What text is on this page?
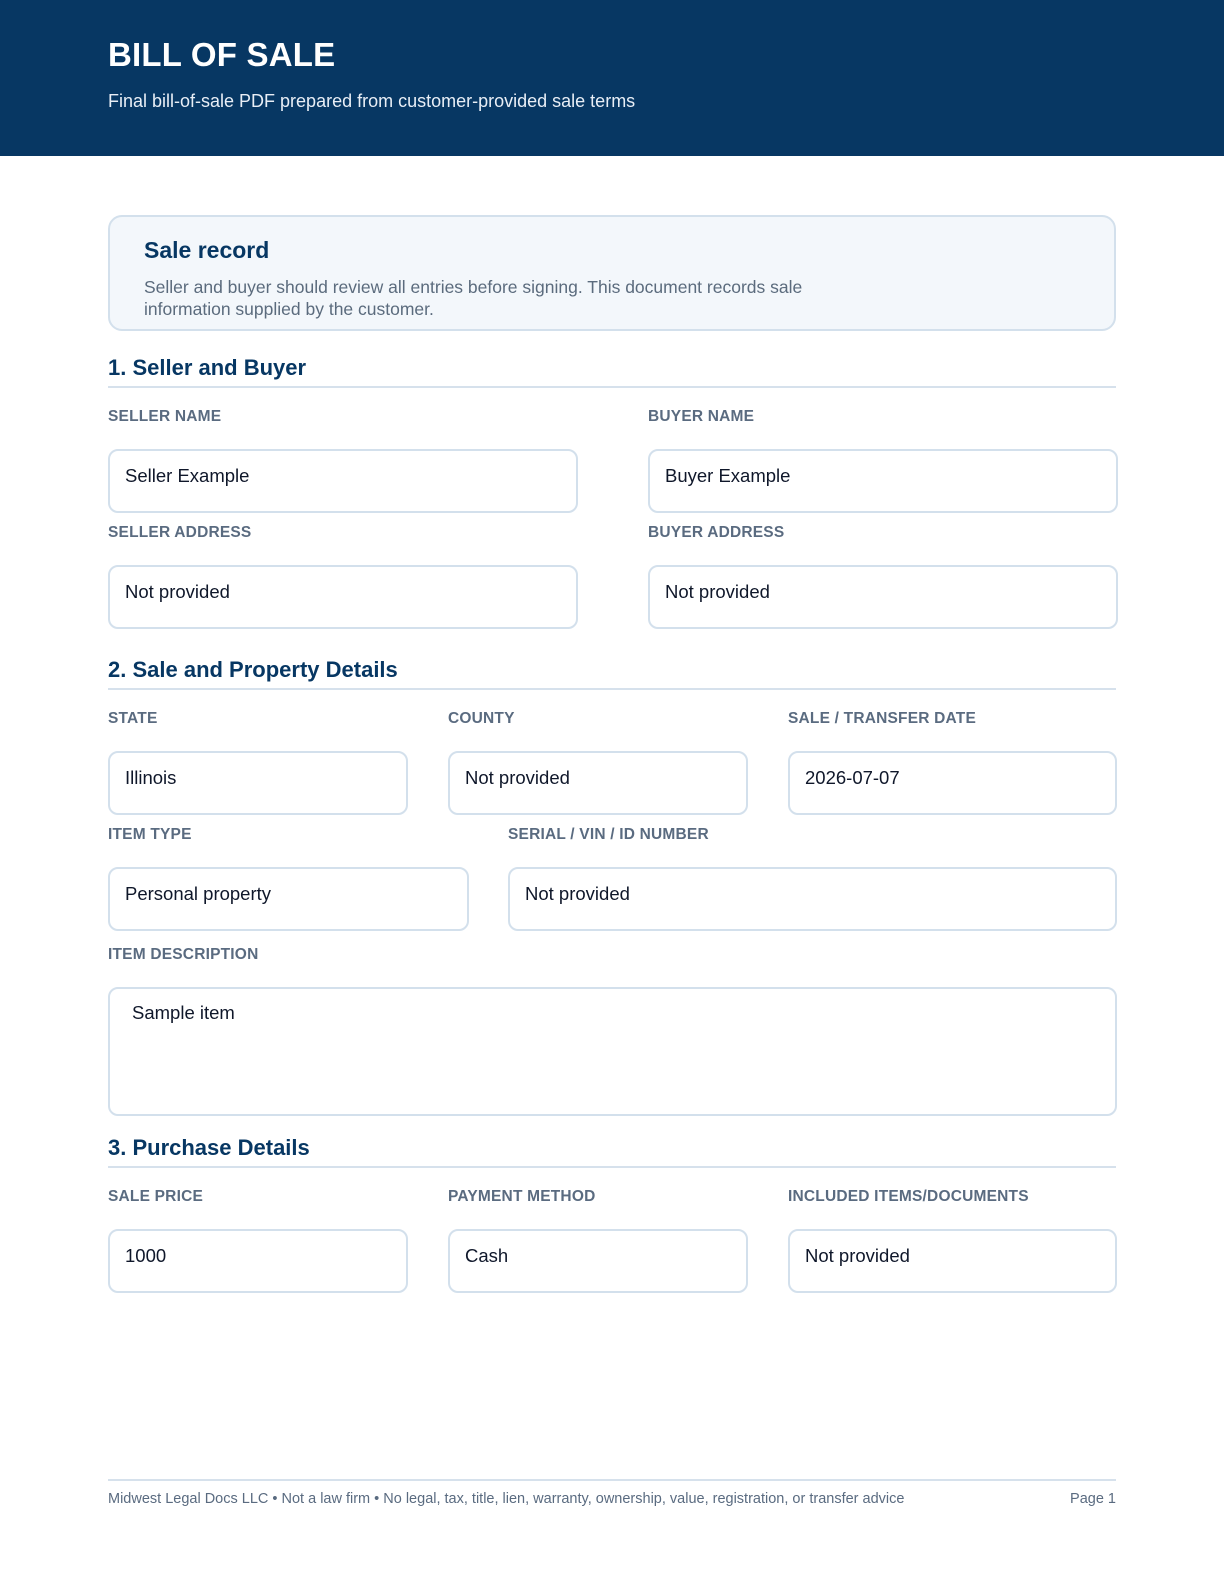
BILL OF SALE

Final bill-of-sale PDF prepared from customer-provided sale terms

Sale record

Seller and buyer should review all entries before signing. This document records sale information supplied by the customer.

1. Seller and Buyer
SELLER NAME
Seller Example
BUYER NAME
Buyer Example
SELLER ADDRESS
Not provided
BUYER ADDRESS
Not provided
2. Sale and Property Details
STATE
Illinois
COUNTY
Not provided
SALE / TRANSFER DATE
2026-07-07
ITEM TYPE
Personal property
SERIAL / VIN / ID NUMBER
Not provided
ITEM DESCRIPTION
Sample item
3. Purchase Details
SALE PRICE
1000
PAYMENT METHOD
Cash
INCLUDED ITEMS/DOCUMENTS
Not provided
Midwest Legal Docs LLC • Not a law firm • No legal, tax, title, lien, warranty, ownership, value, registration, or transfer advice	Page 1
